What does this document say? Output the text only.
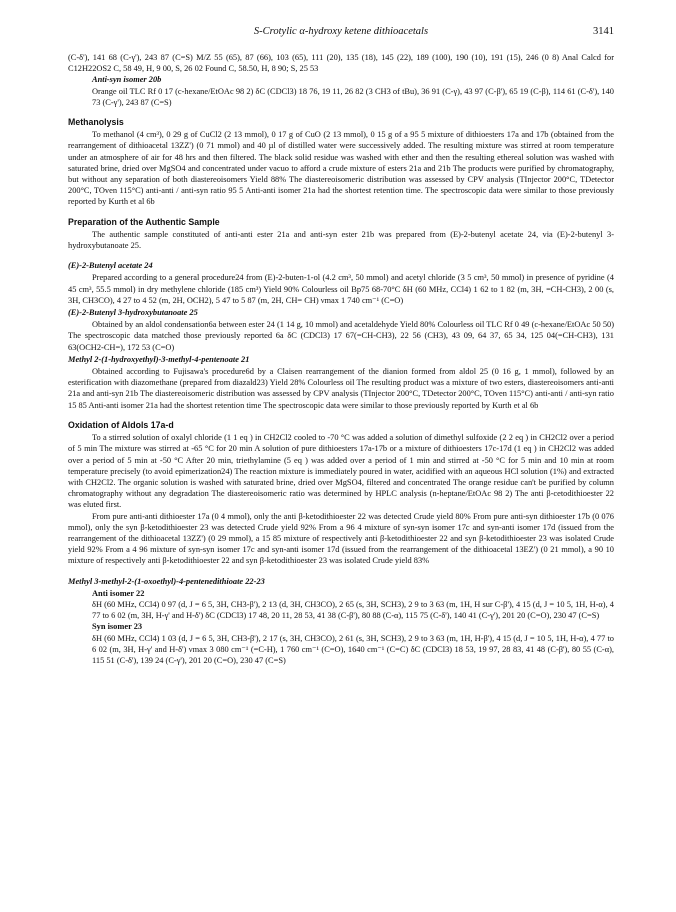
S-Crotylic α-hydroxy ketene dithioacetals	3141

(C-δ'), 141 68 (C-γ'), 243 87 (C=S) M/Z 55 (65), 87 (66), 103 (65), 111 (20), 135 (18), 145 (22), 189 (100), 190 (10), 191 (15), 246 (0 8) Anal Calcd for C12H22OS2 C, 58 49, H, 9 00, S, 26 02 Found C, 58.50, H, 8 90; S, 25 53

Anti-syn isomer 20b

Orange oil TLC Rf 0 17 (c-hexane/EtOAc 98 2) δC (CDCl3) 18 76, 19 11, 26 82 (3 CH3 of tBu), 36 91 (C-γ), 43 97 (C-β'), 65 19 (C-β), 114 61 (C-δ'), 140 73 (C-γ'), 243 87 (C=S)

Methanolysis

To methanol (4 cm³), 0 29 g of CuCl2 (2 13 mmol), 0 17 g of CuO (2 13 mmol), 0 15 g of a 95 5 mixture of dithioesters 17a and 17b (obtained from the rearrangement of dithioacetal 13ZZ') (0 71 mmol) and 40 µl of distilled water were successively added. The resulting mixture was stirred at room temperature under an atmosphere of air for 48 hrs and then filtered. The black solid residue was washed with ether and then the resulting ethereal solution was washed with saturated brine, dried over MgSO4 and concentrated under vacuo to afford a crude mixture of esters 21a and 21b The products were purified by chromatography, but without any separation of both diastereoisomers Yield 88% The diastereoisomeric distribution was assessed by CPV analysis (TInjector 200°C, TDetector 200°C, TOven 115°C) anti-anti / anti-syn ratio 95 5 Anti-anti isomer 21a had the shortest retention time. The spectroscopic data were similar to those previously reported by Kurth et al 6b

Preparation of the Authentic Sample

The authentic sample constituted of anti-anti ester 21a and anti-syn ester 21b was prepared from (E)-2-butenyl acetate 24, via (E)-2-butenyl 3-hydroxybutanoate 25.

(E)-2-Butenyl acetate 24

Prepared according to a general procedure24 from (E)-2-buten-1-ol (4.2 cm³, 50 mmol) and acetyl chloride (3 5 cm³, 50 mmol) in presence of pyridine (4 45 cm³, 55.5 mmol) in dry methylene chloride (185 cm³) Yield 90% Colourless oil Bp75 68-70°C δH (60 MHz, CCl4) 1 62 to 1 82 (m, 3H, =CH-CH3), 2 00 (s, 3H, CH3CO), 4 27 to 4 52 (m, 2H, OCH2), 5 47 to 5 87 (m, 2H, CH= CH) νmax 1 740 cm⁻¹ (C=O)

(E)-2-Butenyl 3-hydroxybutanoate 25

Obtained by an aldol condensation6a between ester 24 (1 14 g, 10 mmol) and acetaldehyde Yield 80% Colourless oil TLC Rf 0 49 (c-hexane/EtOAc 50 50) The spectroscopic data matched those previously reported 6a δC (CDCl3) 17 67(=CH-CH3), 22 56 (CH3), 43 09, 64 37, 65 34, 125 04(=CH-CH3), 131 63(OCH2-CH=), 172 53 (C=O)

Methyl 2-(1-hydroxyethyl)-3-methyl-4-pentenoate 21

Obtained according to Fujisawa's procedure6d by a Claisen rearrangement of the dianion formed from aldol 25 (0 16 g, 1 mmol), followed by an esterification with diazomethane (prepared from diazald23) Yield 28% Colourless oil The resulting product was a mixture of two esters, diastereoisomers anti-anti 21a and anti-syn 21b The diastereoisomeric distribution was assessed by CPV analysis (TInjector 200°C, TDetector 200°C, TOven 115°C) anti-anti / anti-syn ratio 15 85 Anti-anti isomer 21a had the shortest retention time The spectroscopic data were similar to those previously reported by Kurth et al 6b

Oxidation of Aldols 17a-d

To a stirred solution of oxalyl chloride (1 1 eq ) in CH2Cl2 cooled to -70 °C was added a solution of dimethyl sulfoxide (2 2 eq ) in CH2Cl2 over a period of 5 min The mixture was stirred at -65 °C for 20 min A solution of pure dithioesters 17a-17b or a mixture of dithioesters 17c-17d (1 eq ) in CH2Cl2 was added over a period of 5 min at -50 °C After 20 min, triethylamine (5 eq ) was added over a period of 1 min and stirred at -50 °C for 5 min and 10 min at room temperature precisely (to avoid epimerization24) The reaction mixture is immediately poured in water, acidified with an aqueous HCl solution (1%) and extracted with CH2Cl2. The organic solution is washed with saturated brine, dried over MgSO4, filtered and concentrated The orange residue can't be purified by column chromatography without any degradation The diastereoisomeric ratio was determined by HPLC analysis (n-heptane/EtOAc 98 2) The anti β-cetodithioester 22 was eluted first.

From pure anti-anti dithioester 17a (0 4 mmol), only the anti β-ketodithioester 22 was detected Crude yield 80% From pure anti-syn dithioester 17b (0 076 mmol), only the syn β-ketodithioester 23 was detected Crude yield 92% From a 96 4 mixture of syn-syn isomer 17c and syn-anti isomer 17d (issued from the rearrangement of the dithioacetal 13ZZ') (0 29 mmol), a 15 85 mixture of respectively anti β-ketodithioester 22 and syn β-ketodithioester 23 was isolated Crude yield 92% From a 4 96 mixture of syn-syn isomer 17c and syn-anti isomer 17d (issued from the rearrangement of the dithioacetal 13EZ') (0 21 mmol), a 90 10 mixture of respectively anti β-ketodithioester 22 and syn β-ketodithioester 23 was isolated Crude yield 83%

Methyl 3-methyl-2-(1-oxoethyl)-4-pentenedithioate 22-23

Anti isomer 22

δH (60 MHz, CCl4) 0 97 (d, J = 6 5, 3H, CH3-β'), 2 13 (d, 3H, CH3CO), 2 65 (s, 3H, SCH3), 2 9 to 3 63 (m, 1H, H sur C-β'), 4 15 (d, J = 10 5, 1H, H-α), 4 77 to 6 02 (m, 3H, H-γ' and H-δ') δC (CDCl3) 17 48, 20 11, 28 53, 41 38 (C-β'), 80 88 (C-α), 115 75 (C-δ'), 140 41 (C-γ'), 201 20 (C=O), 230 47 (C=S)

Syn isomer 23

δH (60 MHz, CCl4) 1 03 (d, J = 6 5, 3H, CH3-β'), 2 17 (s, 3H, CH3CO), 2 61 (s, 3H, SCH3), 2 9 to 3 63 (m, 1H, H-β'), 4 15 (d, J = 10 5, 1H, H-α), 4 77 to 6 02 (m, 3H, H-γ' and H-δ') νmax 3 080 cm⁻¹ (=C-H), 1 760 cm⁻¹ (C=O), 1640 cm⁻¹ (C=C) δC (CDCl3) 18 53, 19 97, 28 83, 41 48 (C-β'), 80 55 (C-α), 115 51 (C-δ'), 139 24 (C-γ'), 201 20 (C=O), 230 47 (C=S)
